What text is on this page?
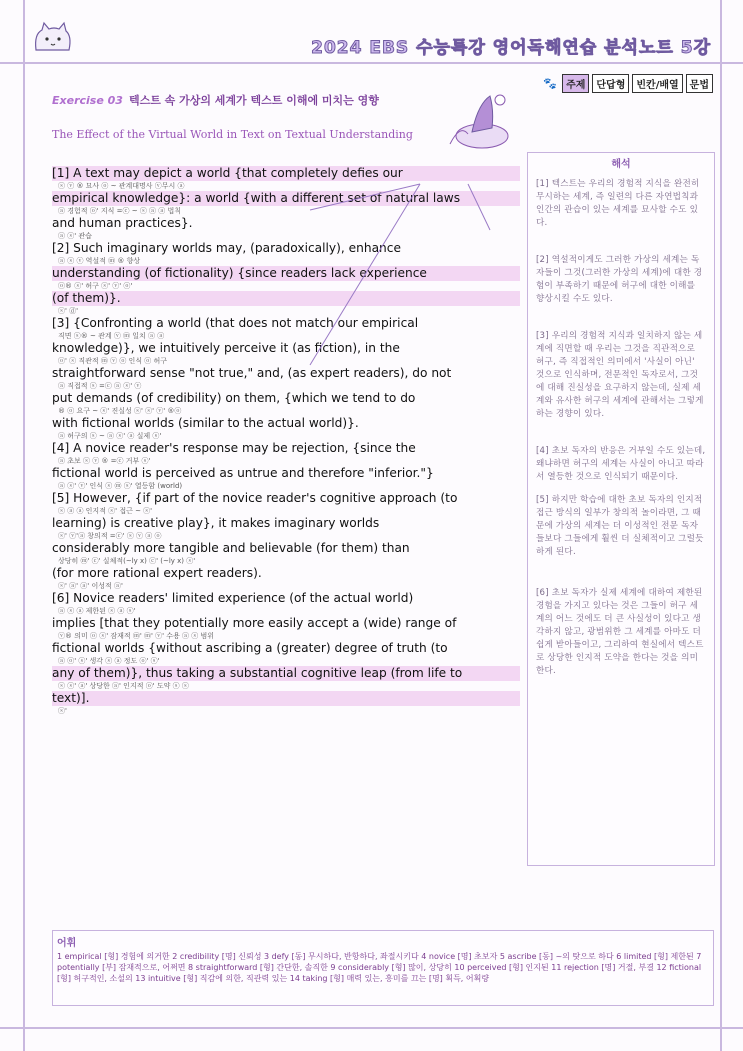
2024 EBS 수능특강 영어독해연습 분석노트 5강
🐾 주제	단답형	빈칸/배열	문법
Exercise 03 텍스트 속 가상의 세계가 텍스트 이해에 미치는 영향
The Effect of the Virtual World in Text on Textual Understanding
[1] A text may depict a world {that completely defies our
ⓢ ⓥ ® 묘사 ⓞ ~ 관계대명사 ⓥ무시 ⓐ
empirical knowledge}: a world {with a different set of natural laws
ⓐ 경험적 ⓞ' 지식 =ⓒ ~ ⓢ ⓐ ⓐ 법칙
and human practices}.
ⓐ ⓢ' 관습
[2] Such imaginary worlds may, (paradoxically), enhance
ⓐ ⓢ ⓥ 역설적 ⓜ ® 향상
understanding (of fictionality) {since readers lack experience
ⓞ® ⓢ' 허구 ⓢ' ⓥ' ⓞ'
(of them)}.
ⓢ' ⓓ'
[3] {Confronting a world (that does not match our empirical
직면 ⓢ® ~ 관계 ⓥ ⓜ 일치 ⓐ ⓐ
knowledge)}, we intuitively perceive it (as fiction), in the
ⓞ' ⓢ 직관적 ⓜ ⓥ ⓞ 인식 ⓞ 허구
straightforward sense "not true," and, (as expert readers), do not
ⓐ 직접적 ⓢ =ⓒ ⓐ ⓢ' ⓥ
put demands (of credibility) on them, {which we tend to do
® ⓞ 요구 ~ ⓢ' 진실성 ⓢ' ⓢ' ⓥ' ®ⓞ
with fictional worlds (similar to the actual world)}.
ⓐ 허구의 ⓢ ~ ⓐ ⓢ' ⓐ 실제 ⓢ'
[4] A novice reader's response may be rejection, {since the
ⓐ 초보 ⓢ ⓥ ® =ⓒ 거부 ⓢ'
fictional world is perceived as untrue and therefore "inferior."}
ⓐ ⓢ' ⓥ' 인식 ⓢ ⓜ ⓢ' 열등함 (world)
[5] However, {if part of the novice reader's cognitive approach (to
ⓢ ⓐ ⓐ 인지적 ⓢ' 접근 ~ ⓢ'
learning) is creative play}, it makes imaginary worlds
ⓢ' ⓥ'ⓐ 창의적 =ⓒ' ⓢ ⓥ ⓐ ⓞ
considerably more tangible and believable (for them) than
상당히 ⓜ' ⓒ' 실체적(~ly x) ⓒ' (~ly x) ⓢ'
(for more rational expert readers).
ⓢ' ⓐ' ⓐ' 이성적 ⓐ'
[6] Novice readers' limited experience (of the actual world)
ⓐ ⓢ ⓐ 제한된 ⓢ ⓐ ⓢ'
implies [that they potentially more easily accept a (wide) range of
ⓥ® 의미 ⓞ ⓢ' 잠재적 ⓜ' ⓜ' ⓥ' 수용 ⓐ ⓢ 범위
fictional worlds {without ascribing a (greater) degree of truth (to
ⓐ ⓞ' ⓢ' 생각 ⓢ ⓐ 정도 ⓞ' ⓢ'
any of them)}, thus taking a substantial cognitive leap (from life to
ⓢ ⓢ' ⓐ' 상당한 ⓐ' 인지적 ⓞ' 도약 ⓢ ⓢ
text)].
ⓢ'
해석
[1] 텍스트는 우리의 경험적 지식을 완전히 무시하는 세계, 즉 일련의 다른 자연법칙과 인간의 관습이 있는 세계를 묘사할 수도 있다.
[2] 역설적이게도 그러한 가상의 세계는 독자들이 그것(그러한 가상의 세계)에 대한 경험이 부족하기 때문에 허구에 대한 이해를 향상시킬 수도 있다.
[3] 우리의 경험적 지식과 일치하지 않는 세계에 직면할 때 우리는 그것을 직관적으로 허구, 즉 직접적인 의미에서 '사실이 아닌' 것으로 인식하며, 전문적인 독자로서, 그것에 대해 진실성을 요구하지 않는데, 실제 세계와 유사한 허구의 세계에 관해서는 그렇게 하는 경향이 있다.
[4] 초보 독자의 반응은 거부일 수도 있는데, 왜냐하면 허구의 세계는 사실이 아니고 따라서 열등한 것으로 인식되기 때문이다.
[5] 하지만 학습에 대한 초보 독자의 인지적 접근 방식의 일부가 창의적 놀이라면, 그 때문에 가상의 세계는 더 이성적인 전문 독자들보다 그들에게 훨씬 더 실체적이고 그럴듯하게 된다.
[6] 초보 독자가 실제 세계에 대하여 제한된 경험을 가지고 있다는 것은 그들이 허구 세계의 어느 것에도 더 큰 사실성이 있다고 생각하지 않고, 광범위한 그 세계를 아마도 더 쉽게 받아들이고, 그리하여 현실에서 텍스트로 상당한 인지적 도약을 한다는 것을 의미한다.
어휘
1 empirical [형] 경험에 의거한 2 credibility [명] 신뢰성 3 defy [동] 무시하다, 반항하다, 좌절시키다 4 novice [명] 초보자 5 ascribe [동] ~의 탓으로 하다 6 limited [형] 제한된 7 potentially [부] 잠재적으로, 어쩌면 8 straightforward [형] 간단한, 솔직한 9 considerably [형] 많이, 상당히 10 perceived [형] 인지된 11 rejection [명] 거절, 부결 12 fictional [형] 허구적인, 소설의 13 intuitive [형] 직감에 의한, 직관력 있는 14 taking [형] 매력 있는, 흥미를 끄는 [명] 획득, 어획량
